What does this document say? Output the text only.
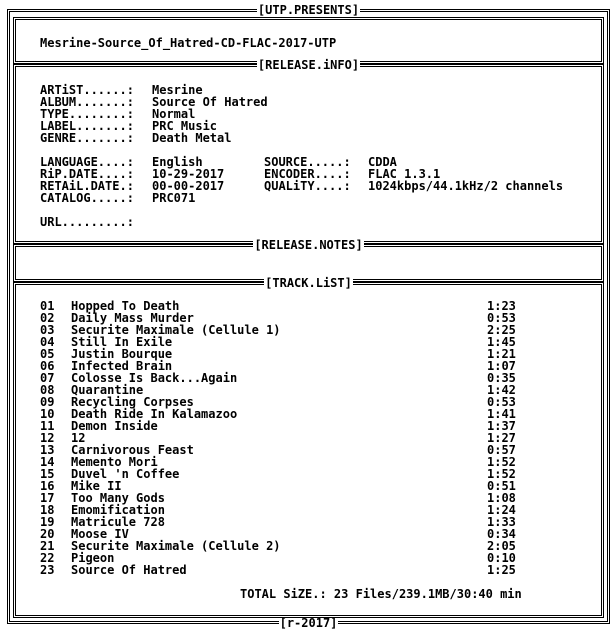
[UTP.PRESENTS]
[r-2017]
Mesrine-Source_Of_Hatred-CD-FLAC-2017-UTP
[RELEASE.iNFO]
ARTiST......: Mesrine
ALBUM.......: Source Of Hatred
TYPE........: Normal
LABEL.......: PRC Music
GENRE.......: Death Metal
LANGUAGE....: English
RiP.DATE....: 10-29-2017
RETAiL.DATE.: 00-00-2017
CATALOG.....: PRC071
URL.........:
SOURCE.....: CDDA
ENCODER....: FLAC 1.3.1
QUALiTY....: 1024kbps/44.1kHz/2 channels
[RELEASE.NOTES]
[TRACK.LiST]
01 Hopped To Death	1:23
02 Daily Mass Murder	0:53
03 Securite Maximale (Cellule 1)	2:25
04 Still In Exile	1:45
05 Justin Bourque	1:21
06 Infected Brain	1:07
07 Colosse Is Back...Again	0:35
08 Quarantine	1:42
09 Recycling Corpses	0:53
10 Death Ride In Kalamazoo	1:41
11 Demon Inside	1:37
12 12	1:27
13 Carnivorous Feast	0:57
14 Memento Mori	1:52
15 Duvel 'n Coffee	1:52
16 Mike II	0:51
17 Too Many Gods	1:08
18 Emomification	1:24
19 Matricule 728	1:33
20 Moose IV	0:34
21 Securite Maximale (Cellule 2)	2:05
22 Pigeon	0:10
23 Source Of Hatred	1:25
TOTAL SiZE.: 23 Files/239.1MB/30:40 min
